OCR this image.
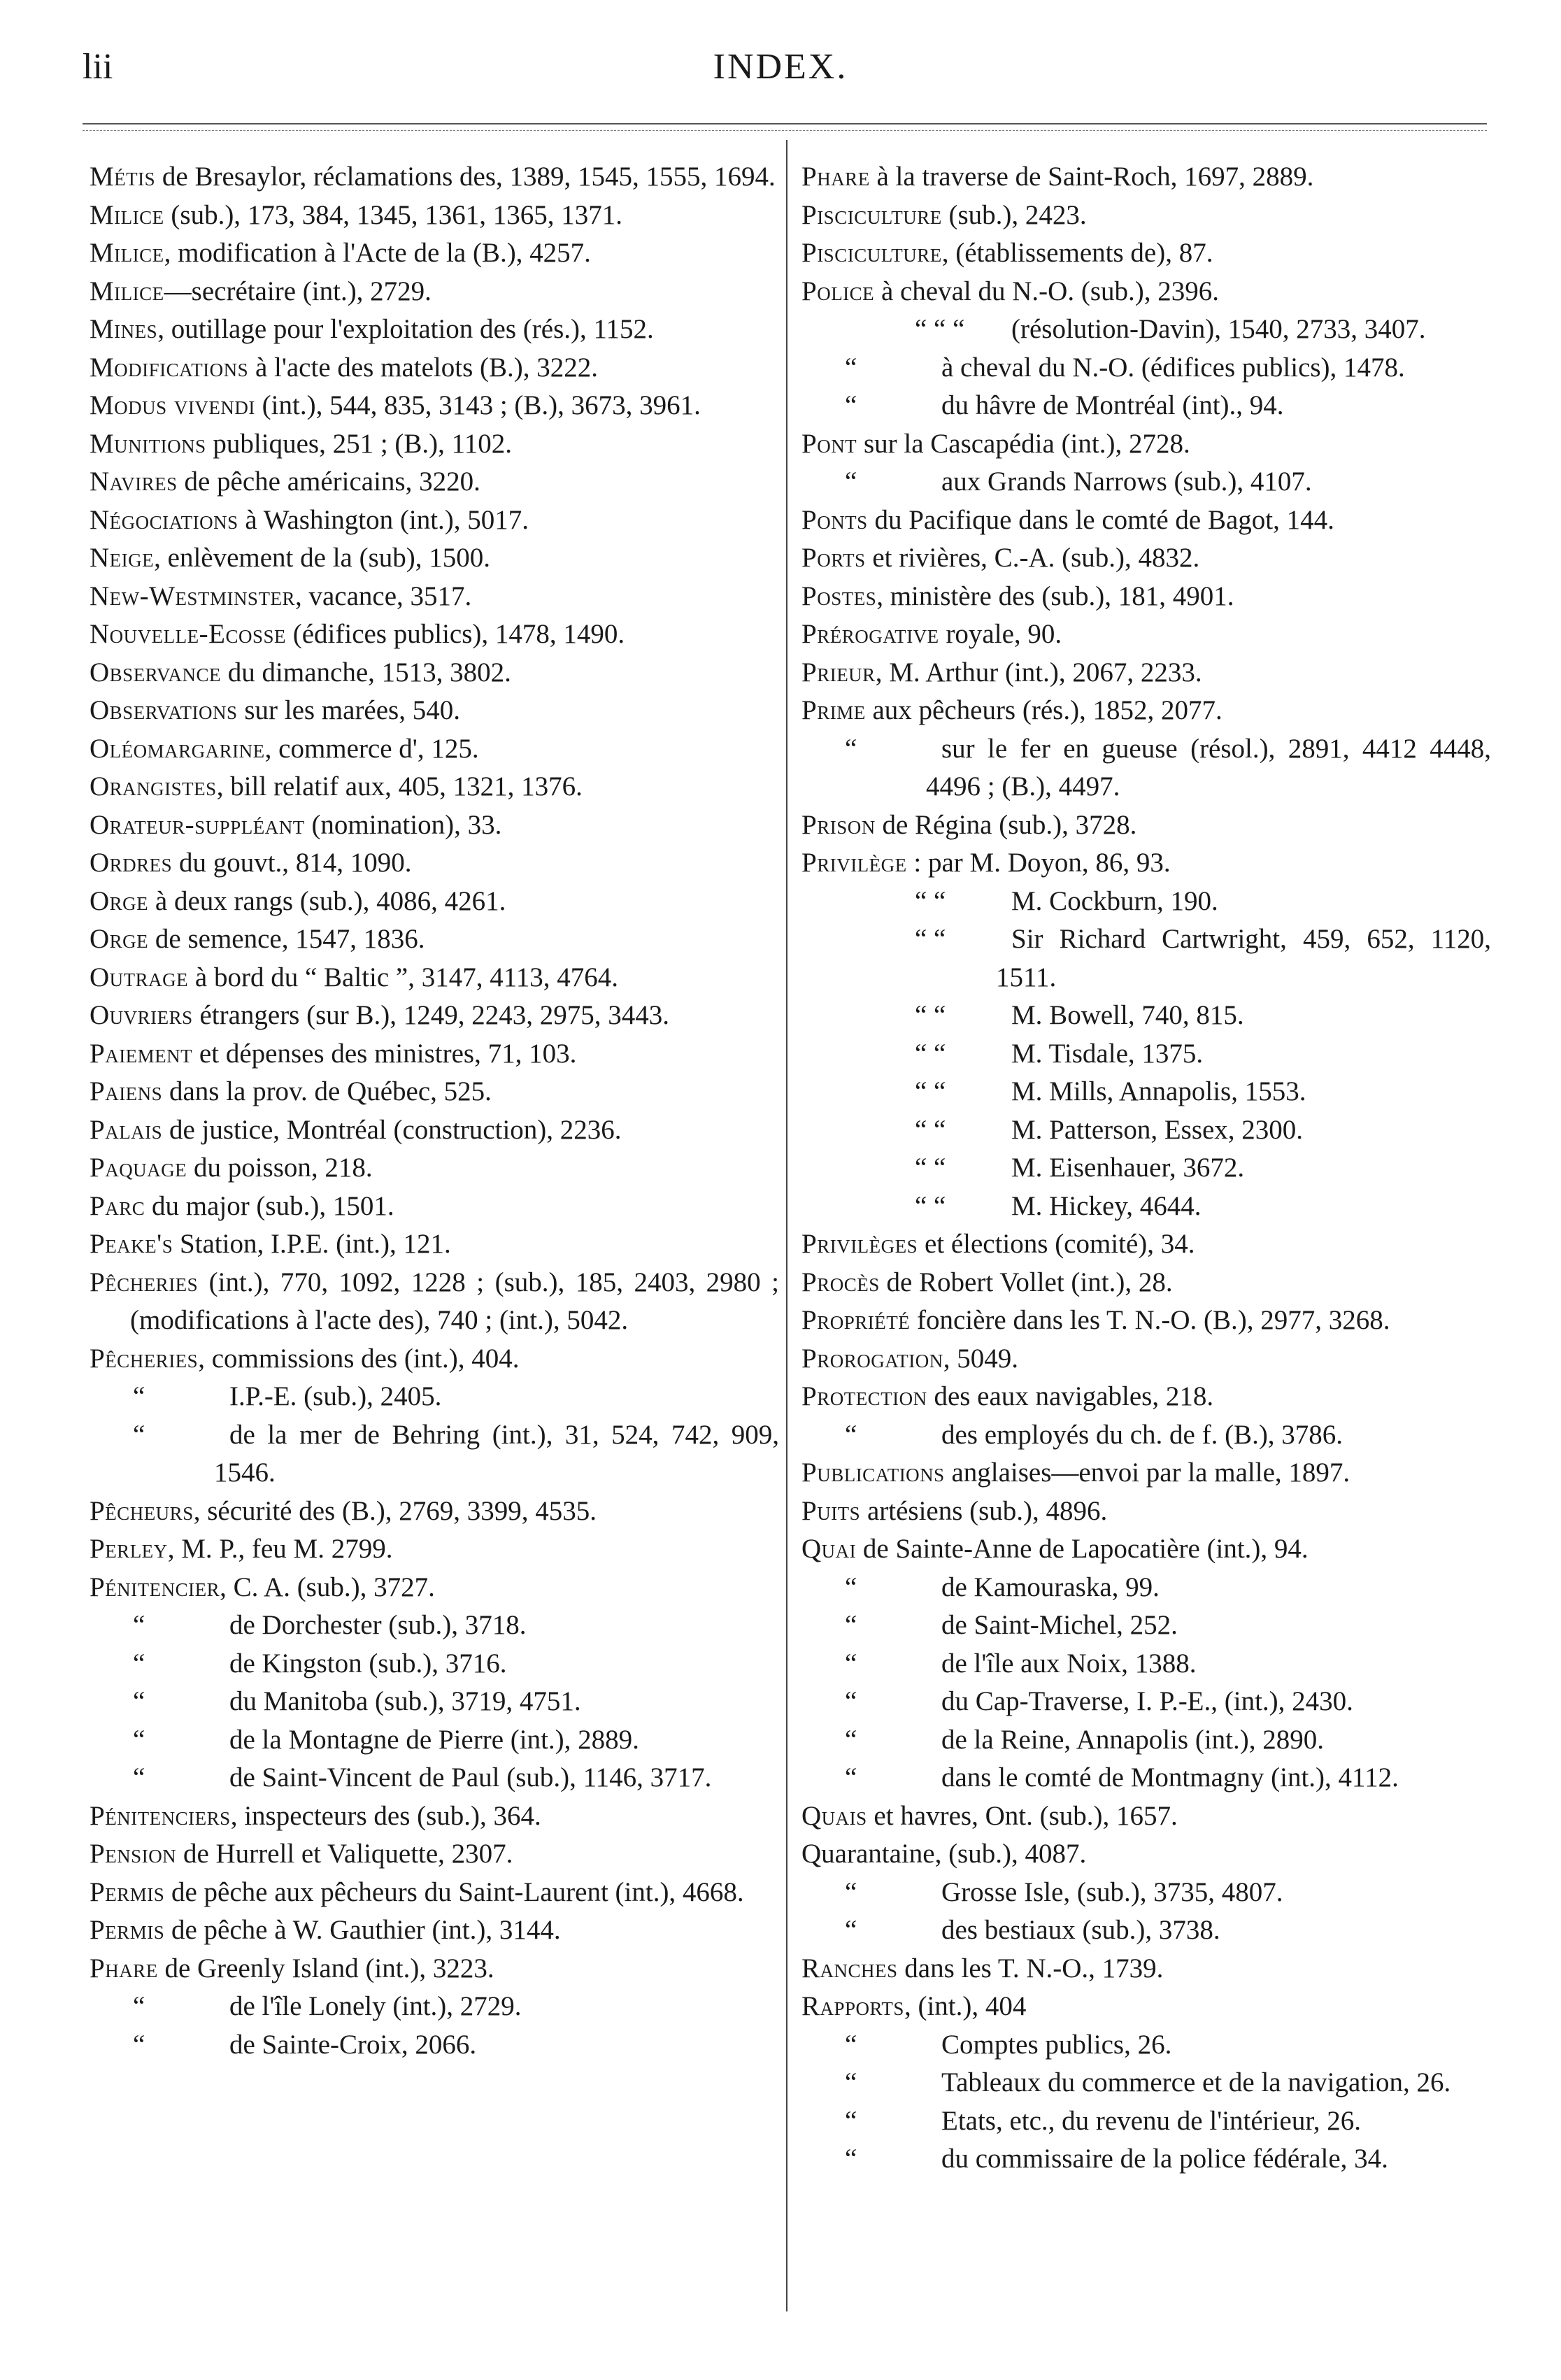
lii	INDEX.
Métis de Bresaylor, réclamations des, 1389, 1545, 1555, 1694.
Milice (sub.), 173, 384, 1345, 1361, 1365, 1371.
Milice, modification à l'Acte de la (B.), 4257.
Milice—secrétaire (int.), 2729.
Mines, outillage pour l'exploitation des (rés.), 1152.
Modifications à l'acte des matelots (B.), 3222.
Modus vivendi (int.), 544, 835, 3143 ; (B.), 3673, 3961.
Munitions publiques, 251 ; (B.), 1102.
Navires de pêche américains, 3220.
Négociations à Washington (int.), 5017.
Neige, enlèvement de la (sub), 1500.
New-Westminster, vacance, 3517.
Nouvelle-Ecosse (édifices publics), 1478, 1490.
Observance du dimanche, 1513, 3802.
Observations sur les marées, 540.
Oléomargarine, commerce d', 125.
Orangistes, bill relatif aux, 405, 1321, 1376.
Orateur-suppléant (nomination), 33.
Ordres du gouvt., 814, 1090.
Orge à deux rangs (sub.), 4086, 4261.
Orge de semence, 1547, 1836.
Outrage à bord du “ Baltic ”, 3147, 4113, 4764.
Ouvriers étrangers (sur B.), 1249, 2243, 2975, 3443.
Paiement et dépenses des ministres, 71, 103.
Paiens dans la prov. de Québec, 525.
Palais de justice, Montréal (construction), 2236.
Paquage du poisson, 218.
Parc du major (sub.), 1501.
Peake's Station, I.P.E. (int.), 121.
Pêcheries (int.), 770, 1092, 1228 ; (sub.), 185, 2403, 2980 ; (modifications à l'acte des), 740 ; (int.), 5042.
Pêcheries, commissions des (int.), 404.
“	I.P.-E. (sub.), 2405.
“	de la mer de Behring (int.), 31, 524, 742, 909, 1546.
Pêcheurs, sécurité des (B.), 2769, 3399, 4535.
Perley, M. P., feu M. 2799.
Pénitencier, C. A. (sub.), 3727.
“	de Dorchester (sub.), 3718.
“	de Kingston (sub.), 3716.
“	du Manitoba (sub.), 3719, 4751.
“	de la Montagne de Pierre (int.), 2889.
“	de Saint-Vincent de Paul (sub.), 1146, 3717.
Pénitenciers, inspecteurs des (sub.), 364.
Pension de Hurrell et Valiquette, 2307.
Permis de pêche aux pêcheurs du Saint-Laurent (int.), 4668.
Permis de pêche à W. Gauthier (int.), 3144.
Phare de Greenly Island (int.), 3223.
“	de l'île Lonely (int.), 2729.
“	de Sainte-Croix, 2066.
Phare à la traverse de Saint-Roch, 1697, 2889.
Pisciculture (sub.), 2423.
Pisciculture, (établissements de), 87.
Police à cheval du N.-O. (sub.), 2396.
“ “ “(résolution-Davin), 1540, 2733, 3407.
“	à cheval du N.-O. (édifices publics), 1478.
“	du hâvre de Montréal (int)., 94.
Pont sur la Cascapédia (int.), 2728.
“	aux Grands Narrows (sub.), 4107.
Ponts du Pacifique dans le comté de Bagot, 144.
Ports et rivières, C.-A. (sub.), 4832.
Postes, ministère des (sub.), 181, 4901.
Prérogative royale, 90.
Prieur, M. Arthur (int.), 2067, 2233.
Prime aux pêcheurs (rés.), 1852, 2077.
“	sur le fer en gueuse (résol.), 2891, 4412 4448, 4496 ; (B.), 4497.
Prison de Régina (sub.), 3728.
Privilège : par M. Doyon, 86, 93.
“ “M. Cockburn, 190.
“ “Sir Richard Cartwright, 459, 652, 1120, 1511.
“ “M. Bowell, 740, 815.
“ “M. Tisdale, 1375.
“ “M. Mills, Annapolis, 1553.
“ “M. Patterson, Essex, 2300.
“ “M. Eisenhauer, 3672.
“ “M. Hickey, 4644.
Privilèges et élections (comité), 34.
Procès de Robert Vollet (int.), 28.
Propriété foncière dans les T. N.-O. (B.), 2977, 3268.
Prorogation, 5049.
Protection des eaux navigables, 218.
“	des employés du ch. de f. (B.), 3786.
Publications anglaises—envoi par la malle, 1897.
Puits artésiens (sub.), 4896.
Quai de Sainte-Anne de Lapocatière (int.), 94.
“	de Kamouraska, 99.
“	de Saint-Michel, 252.
“	de l'île aux Noix, 1388.
“	du Cap-Traverse, I. P.-E., (int.), 2430.
“	de la Reine, Annapolis (int.), 2890.
“	dans le comté de Montmagny (int.), 4112.
Quais et havres, Ont. (sub.), 1657.
Quarantaine, (sub.), 4087.
“	Grosse Isle, (sub.), 3735, 4807.
“	des bestiaux (sub.), 3738.
Ranches dans les T. N.-O., 1739.
Rapports, (int.), 404
“	Comptes publics, 26.
“	Tableaux du commerce et de la navigation, 26.
“	Etats, etc., du revenu de l'intérieur, 26.
“	du commissaire de la police fédérale, 34.
